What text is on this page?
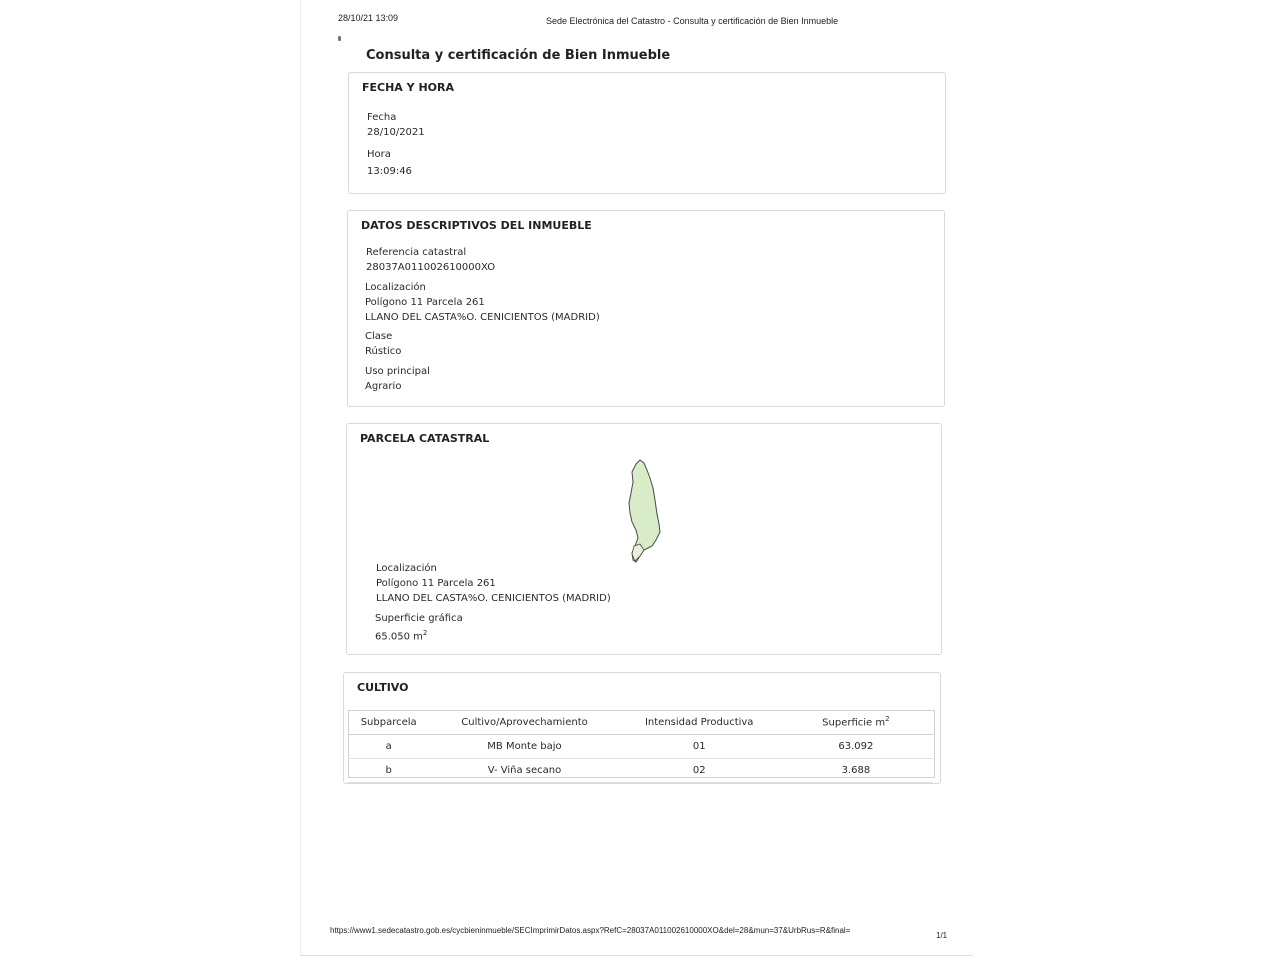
28/10/21 13:09	Sede Electrónica del Catastro - Consulta y certificación de Bien Inmueble
Consulta y certificación de Bien Inmueble
FECHA Y HORA
Fecha
28/10/2021
Hora
13:09:46
DATOS DESCRIPTIVOS DEL INMUEBLE
Referencia catastral
28037A011002610000XO
Localización
Polígono 11 Parcela 261
LLANO DEL CASTA%O. CENICIENTOS (MADRID)
Clase
Rústico
Uso principal
Agrario
PARCELA CATASTRAL
Localización
Polígono 11 Parcela 261
LLANO DEL CASTA%O. CENICIENTOS (MADRID)
Superficie gráfica
65.050 $m^2$
CULTIVO
Subparcela	Cultivo/Aprovechamiento	Intensidad Productiva	Superficie $m^2$
a	MB Monte bajo	01	63.092
b	V- Viña secano	02	3.688
https://www1.sedecatastro.gob.es/cycbieninmueble/SECImprimirDatos.aspx?RefC=28037A011002610000XO&del=28&mun=37&UrbRus=R&final=
1/1
